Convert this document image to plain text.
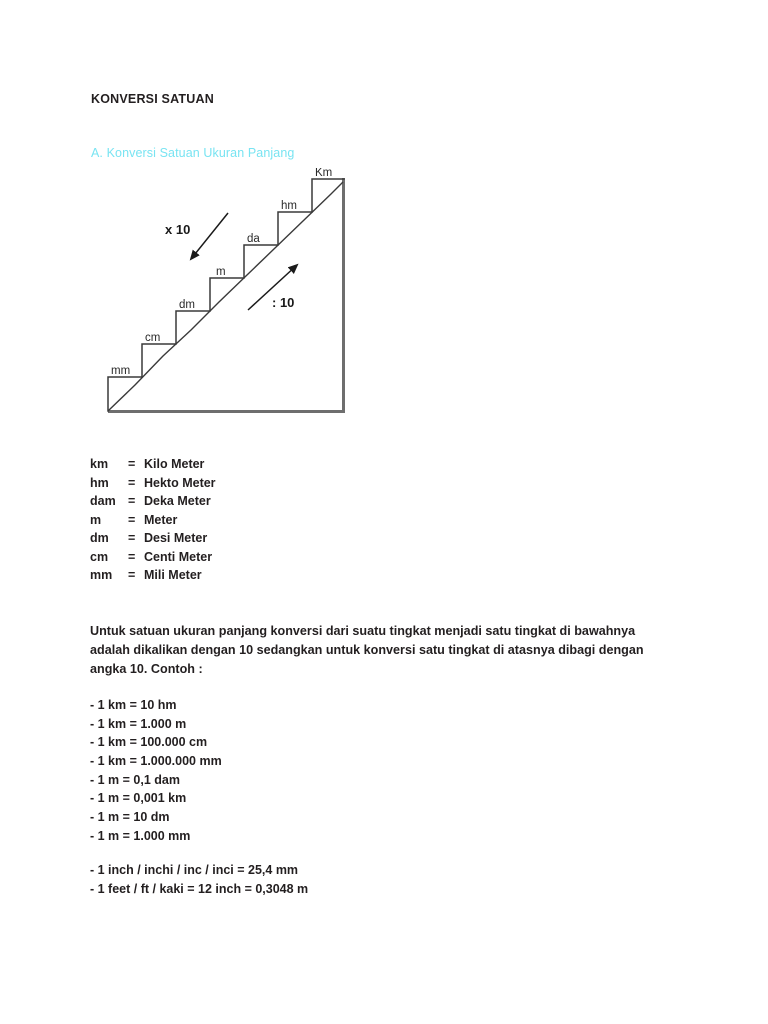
KONVERSI SATUAN
A. Konversi Satuan Ukuran Panjang
mm
cm
dm
m
da
hm
Km
x 10
: 10
km = Kilo Meter
hm = Hekto Meter
dam = Deka Meter
m = Meter
dm = Desi Meter
cm = Centi Meter
mm = Mili Meter
Untuk satuan ukuran panjang konversi dari suatu tingkat menjadi satu tingkat di bawahnya adalah dikalikan dengan 10 sedangkan untuk konversi satu tingkat di atasnya dibagi dengan angka 10. Contoh :
- 1 km = 10 hm
- 1 km = 1.000 m
- 1 km = 100.000 cm
- 1 km = 1.000.000 mm
- 1 m = 0,1 dam
- 1 m = 0,001 km
- 1 m = 10 dm
- 1 m = 1.000 mm
- 1 inch / inchi / inc / inci = 25,4 mm
- 1 feet / ft / kaki = 12 inch = 0,3048 m
